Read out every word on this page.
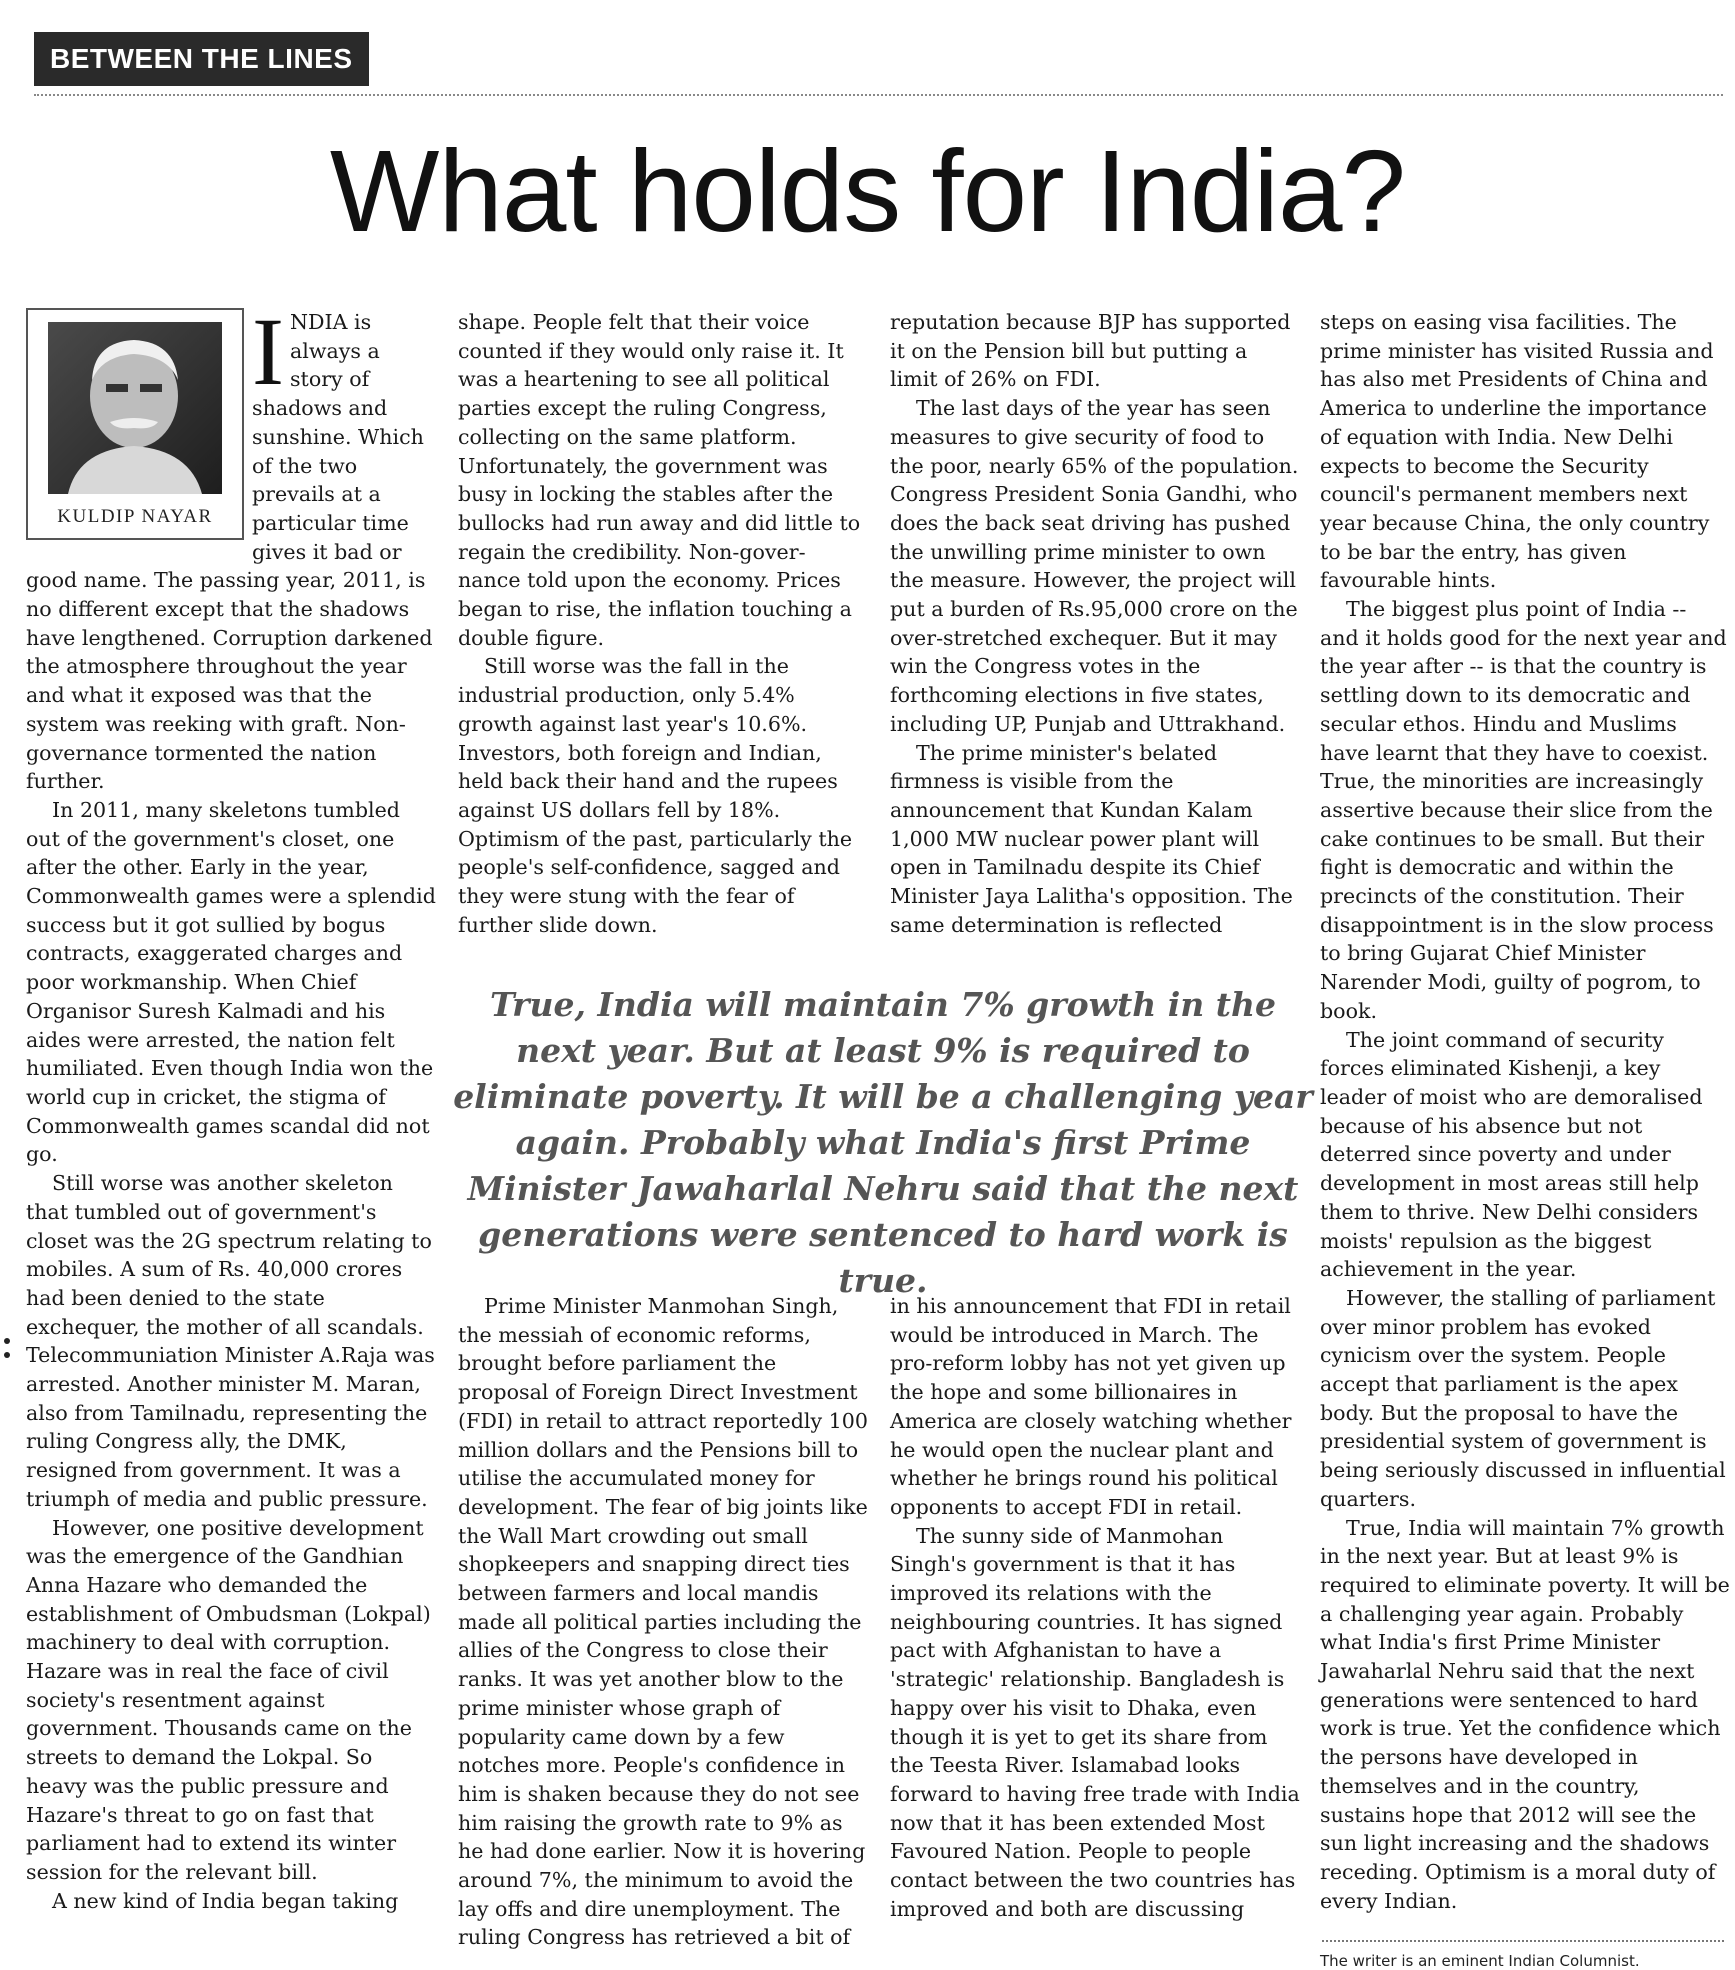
BETWEEN THE LINES
What holds for India?
KULDIP NAYAR
I NDIA is always a story of shadows and sunshine. Which of the two prevails at a particular time gives it bad or good name. The passing year, 2011, is no different except that the shadows have lengthened. Corruption darkened the atmosphere throughout the year and what it exposed was that the system was reeking with graft. Non-governance tormented the nation further.

In 2011, many skeletons tumbled out of the government's closet, one after the other. Early in the year, Commonwealth games were a splendid success but it got sullied by bogus contracts, exaggerated charges and poor workmanship. When Chief Organisor Suresh Kalmadi and his aides were arrested, the nation felt humiliated. Even though India won the world cup in cricket, the stigma of Commonwealth games scandal did not go.

Still worse was another skeleton that tumbled out of government's closet was the 2G spectrum relating to mobiles. A sum of Rs. 40,000 crores had been denied to the state exchequer, the mother of all scandals. Telecommuniation Minister A.Raja was arrested. Another minister M. Maran, also from Tamilnadu, representing the ruling Congress ally, the DMK, resigned from government. It was a triumph of media and public pressure.

However, one positive development was the emergence of the Gandhian Anna Hazare who demanded the establishment of Ombudsman (Lokpal) machinery to deal with corruption. Hazare was in real the face of civil society's resentment against government. Thousands came on the streets to demand the Lokpal. So heavy was the public pressure and Hazare's threat to go on fast that parliament had to extend its winter session for the relevant bill.

A new kind of India began taking

shape. People felt that their voice counted if they would only raise it. It was a heartening to see all political parties except the ruling Congress, collecting on the same platform. Unfortunately, the government was busy in locking the stables after the bullocks had run away and did little to regain the credibility. Non-gover-nance told upon the economy. Prices began to rise, the inflation touching a double figure.

Still worse was the fall in the industrial production, only 5.4% growth against last year's 10.6%. Investors, both foreign and Indian, held back their hand and the rupees against US dollars fell by 18%. Optimism of the past, particularly the people's self-confidence, sagged and they were stung with the fear of further slide down.

reputation because BJP has supported it on the Pension bill but putting a limit of 26% on FDI.

The last days of the year has seen measures to give security of food to the poor, nearly 65% of the population. Congress President Sonia Gandhi, who does the back seat driving has pushed the unwilling prime minister to own the measure. However, the project will put a burden of Rs.95,000 crore on the over-stretched exchequer. But it may win the Congress votes in the forthcoming elections in five states, including UP, Punjab and Uttrakhand.

The prime minister's belated firmness is visible from the announcement that Kundan Kalam 1,000 MW nuclear power plant will open in Tamilnadu despite its Chief Minister Jaya Lalitha's opposition. The same determination is reflected

True, India will maintain 7% growth in the next year. But at least 9% is required to eliminate poverty. It will be a challenging year again. Probably what India's first Prime Minister Jawaharlal Nehru said that the next generations were sentenced to hard work is true.

Prime Minister Manmohan Singh, the messiah of economic reforms, brought before parliament the proposal of Foreign Direct Investment (FDI) in retail to attract reportedly 100 million dollars and the Pensions bill to utilise the accumulated money for development. The fear of big joints like the Wall Mart crowding out small shopkeepers and snapping direct ties between farmers and local mandis made all political parties including the allies of the Congress to close their ranks. It was yet another blow to the prime minister whose graph of popularity came down by a few notches more. People's confidence in him is shaken because they do not see him raising the growth rate to 9% as he had done earlier. Now it is hovering around 7%, the minimum to avoid the lay offs and dire unemployment. The ruling Congress has retrieved a bit of

in his announcement that FDI in retail would be introduced in March. The pro-reform lobby has not yet given up the hope and some billionaires in America are closely watching whether he would open the nuclear plant and whether he brings round his political opponents to accept FDI in retail.

The sunny side of Manmohan Singh's government is that it has improved its relations with the neighbouring countries. It has signed pact with Afghanistan to have a 'strategic' relationship. Bangladesh is happy over his visit to Dhaka, even though it is yet to get its share from the Teesta River. Islamabad looks forward to having free trade with India now that it has been extended Most Favoured Nation. People to people contact between the two countries has improved and both are discussing

steps on easing visa facilities. The prime minister has visited Russia and has also met Presidents of China and America to underline the importance of equation with India. New Delhi expects to become the Security council's permanent members next year because China, the only country to be bar the entry, has given favourable hints.

The biggest plus point of India -- and it holds good for the next year and the year after -- is that the country is settling down to its democratic and secular ethos. Hindu and Muslims have learnt that they have to coexist. True, the minorities are increasingly assertive because their slice from the cake continues to be small. But their fight is democratic and within the precincts of the constitution. Their disappointment is in the slow process to bring Gujarat Chief Minister Narender Modi, guilty of pogrom, to book.

The joint command of security forces eliminated Kishenji, a key leader of moist who are demoralised because of his absence but not deterred since poverty and under development in most areas still help them to thrive. New Delhi considers moists' repulsion as the biggest achievement in the year.

However, the stalling of parliament over minor problem has evoked cynicism over the system. People accept that parliament is the apex body. But the proposal to have the presidential system of government is being seriously discussed in influential quarters.

True, India will maintain 7% growth in the next year. But at least 9% is required to eliminate poverty. It will be a challenging year again. Probably what India's first Prime Minister Jawaharlal Nehru said that the next generations were sentenced to hard work is true. Yet the confidence which the persons have developed in themselves and in the country, sustains hope that 2012 will see the sun light increasing and the shadows receding. Optimism is a moral duty of every Indian.

The writer is an eminent Indian Columnist.
